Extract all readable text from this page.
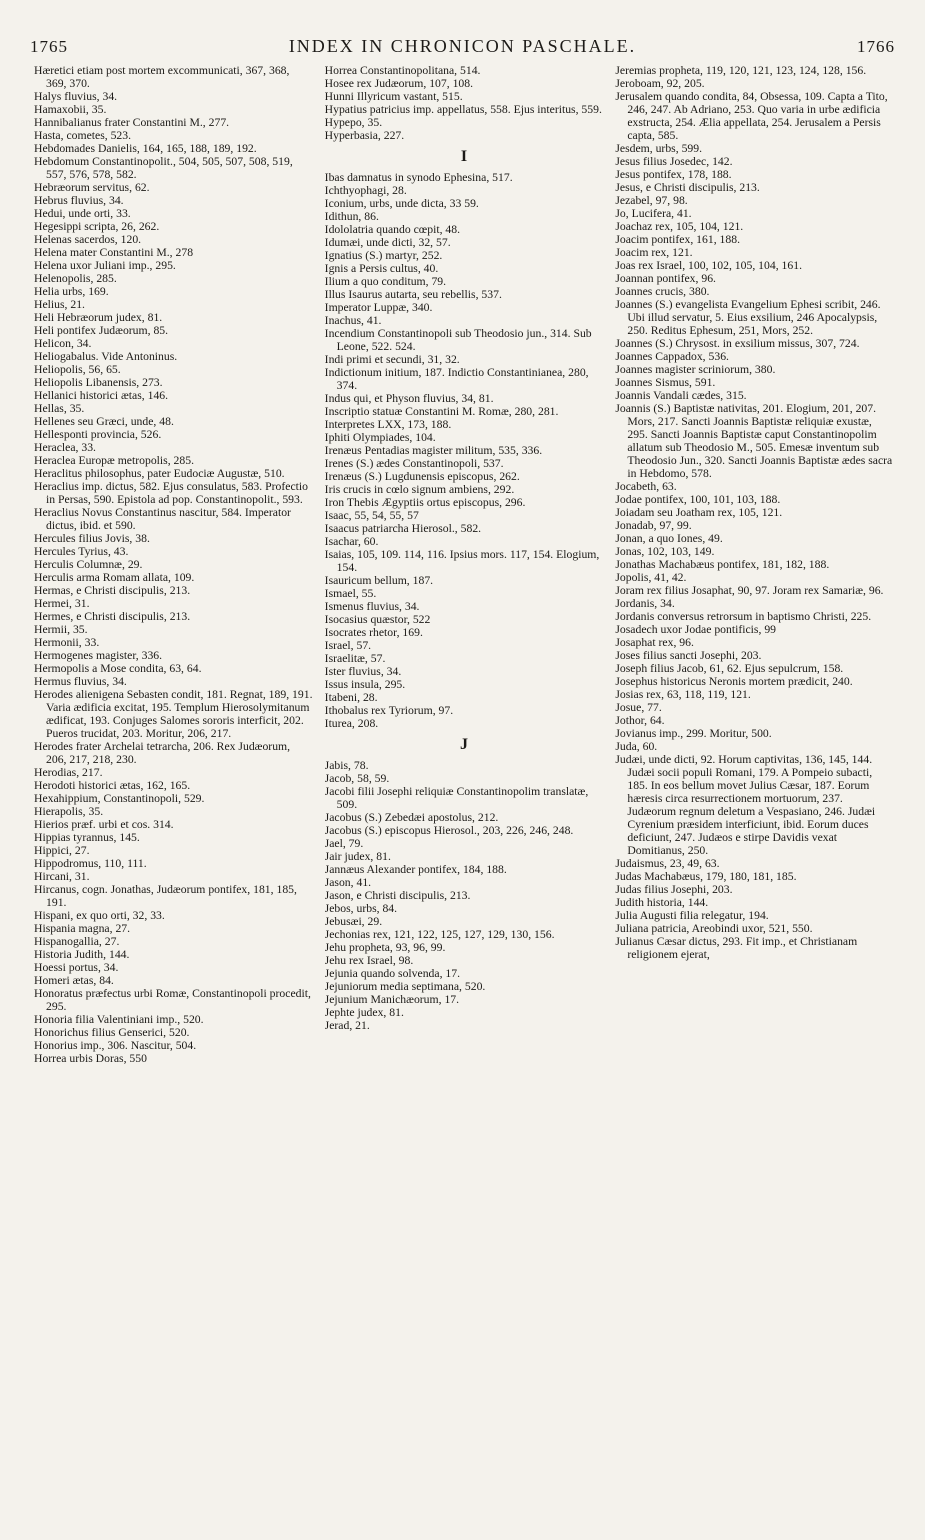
1765	INDEX IN CHRONICON PASCHALE.	1766

Hæretici etiam post mortem excommunicati, 367, 368, 369, 370.

Halys fluvius, 34.

Hamaxobii, 35.

Hannibalianus frater Constantini M., 277.

Hasta, cometes, 523.

Hebdomades Danielis, 164, 165, 188, 189, 192.

Hebdomum Constantinopolit., 504, 505, 507, 508, 519, 557, 576, 578, 582.

Hebræorum servitus, 62.

Hebrus fluvius, 34.

Hedui, unde orti, 33.

Hegesippi scripta, 26, 262.

Helenas sacerdos, 120.

Helena mater Constantini M., 278

Helena uxor Juliani imp., 295.

Helenopolis, 285.

Helia urbs, 169.

Helius, 21.

Heli Hebræorum judex, 81.

Heli pontifex Judæorum, 85.

Helicon, 34.

Heliogabalus. Vide Antoninus.

Heliopolis, 56, 65.

Heliopolis Libanensis, 273.

Hellanici historici ætas, 146.

Hellas, 35.

Hellenes seu Græci, unde, 48.

Hellesponti provincia, 526.

Heraclea, 33.

Heraclea Europæ metropolis, 285.

Heraclitus philosophus, pater Eudociæ Augustæ, 510.

Heraclius imp. dictus, 582. Ejus consulatus, 583. Profectio in Persas, 590. Epistola ad pop. Constantinopolit., 593.

Heraclius Novus Constantinus nascitur, 584. Imperator dictus, ibid. et 590.

Hercules filius Jovis, 38.

Hercules Tyrius, 43.

Herculis Columnæ, 29.

Herculis arma Romam allata, 109.

Hermas, e Christi discipulis, 213.

Hermei, 31.

Hermes, e Christi discipulis, 213.

Hermii, 35.

Hermonii, 33.

Hermogenes magister, 336.

Hermopolis a Mose condita, 63, 64.

Hermus fluvius, 34.

Herodes alienigena Sebasten condit, 181. Regnat, 189, 191. Varia ædificia excitat, 195. Templum Hierosolymitanum ædificat, 193. Conjuges Salomes sororis interficit, 202. Pueros trucidat, 203. Moritur, 206, 217.

Herodes frater Archelai tetrarcha, 206. Rex Judæorum, 206, 217, 218, 230.

Herodias, 217.

Herodoti historici ætas, 162, 165.

Hexahippium, Constantinopoli, 529.

Hierapolis, 35.

Hierios præf. urbi et cos. 314.

Hippias tyrannus, 145.

Hippici, 27.

Hippodromus, 110, 111.

Hircani, 31.

Hircanus, cogn. Jonathas, Judæorum pontifex, 181, 185, 191.

Hispani, ex quo orti, 32, 33.

Hispania magna, 27.

Hispanogallia, 27.

Historia Judith, 144.

Hoessi portus, 34.

Homeri ætas, 84.

Honoratus præfectus urbi Romæ, Constantinopoli procedit, 295.

Honoria filia Valentiniani imp., 520.

Honorichus filius Genserici, 520.

Honorius imp., 306. Nascitur, 504.

Horrea urbis Doras, 550

Horrea Constantinopolitana, 514.

Hosee rex Judæorum, 107, 108.

Hunni Illyricum vastant, 515.

Hypatius patricius imp. appellatus, 558. Ejus interitus, 559.

Hypepo, 35.

Hyperbasia, 227.

I

Ibas damnatus in synodo Ephesina, 517.

Ichthyophagi, 28.

Iconium, urbs, unde dicta, 33 59.

Idithun, 86.

Idololatria quando cœpit, 48.

Idumæi, unde dicti, 32, 57.

Ignatius (S.) martyr, 252.

Ignis a Persis cultus, 40.

Ilium a quo conditum, 79.

Illus Isaurus autarta, seu rebellis, 537.

Imperator Luppæ, 340.

Inachus, 41.

Incendium Constantinopoli sub Theodosio jun., 314. Sub Leone, 522. 524.

Indi primi et secundi, 31, 32.

Indictionum initium, 187. Indictio Constantinianea, 280, 374.

Indus qui, et Physon fluvius, 34, 81.

Inscriptio statuæ Constantini M. Romæ, 280, 281.

Interpretes LXX, 173, 188.

Iphiti Olympiades, 104.

Irenæus Pentadias magister militum, 535, 336.

Irenes (S.) ædes Constantinopoli, 537.

Irenæus (S.) Lugdunensis episcopus, 262.

Iris crucis in cœlo signum ambiens, 292.

Iron Thebis Ægyptiis ortus episcopus, 296.

Isaac, 55, 54, 55, 57

Isaacus patriarcha Hierosol., 582.

Isachar, 60.

Isaias, 105, 109. 114, 116. Ipsius mors. 117, 154. Elogium, 154.

Isauricum bellum, 187.

Ismael, 55.

Ismenus fluvius, 34.

Isocasius quæstor, 522

Isocrates rhetor, 169.

Israel, 57.

Israelitæ, 57.

Ister fluvius, 34.

Issus insula, 295.

Itabeni, 28.

Ithobalus rex Tyriorum, 97.

Iturea, 208.

J

Jabis, 78.

Jacob, 58, 59.

Jacobi filii Josephi reliquiæ Constantinopolim translatæ, 509.

Jacobus (S.) Zebedæi apostolus, 212.

Jacobus (S.) episcopus Hierosol., 203, 226, 246, 248.

Jael, 79.

Jair judex, 81.

Jannæus Alexander pontifex, 184, 188.

Jason, 41.

Jason, e Christi discipulis, 213.

Jebos, urbs, 84.

Jebusæi, 29.

Jechonias rex, 121, 122, 125, 127, 129, 130, 156.

Jehu propheta, 93, 96, 99.

Jehu rex Israel, 98.

Jejunia quando solvenda, 17.

Jejuniorum media septimana, 520.

Jejunium Manichæorum, 17.

Jephte judex, 81.

Jerad, 21.

Jeremias propheta, 119, 120, 121, 123, 124, 128, 156.

Jeroboam, 92, 205.

Jerusalem quando condita, 84, Obsessa, 109. Capta a Tito, 246, 247. Ab Adriano, 253. Quo varia in urbe ædificia exstructa, 254. Ælia appellata, 254. Jerusalem a Persis capta, 585.

Jesdem, urbs, 599.

Jesus filius Josedec, 142.

Jesus pontifex, 178, 188.

Jesus, e Christi discipulis, 213.

Jezabel, 97, 98.

Jo, Lucifera, 41.

Joachaz rex, 105, 104, 121.

Joacim pontifex, 161, 188.

Joacim rex, 121.

Joas rex Israel, 100, 102, 105, 104, 161.

Joannan pontifex, 96.

Joannes crucis, 380.

Joannes (S.) evangelista Evangelium Ephesi scribit, 246. Ubi illud servatur, 5. Eius exsilium, 246 Apocalypsis, 250. Reditus Ephesum, 251, Mors, 252.

Joannes (S.) Chrysost. in exsilium missus, 307, 724.

Joannes Cappadox, 536.

Joannes magister scriniorum, 380.

Joannes Sismus, 591.

Joannis Vandali cædes, 315.

Joannis (S.) Baptistæ nativitas, 201. Elogium, 201, 207. Mors, 217. Sancti Joannis Baptistæ reliquiæ exustæ, 295. Sancti Joannis Baptistæ caput Constantinopolim allatum sub Theodosio M., 505. Emesæ inventum sub Theodosio Jun., 320. Sancti Joannis Baptistæ ædes sacra in Hebdomo, 578.

Jocabeth, 63.

Jodae pontifex, 100, 101, 103, 188.

Joiadam seu Joatham rex, 105, 121.

Jonadab, 97, 99.

Jonan, a quo Iones, 49.

Jonas, 102, 103, 149.

Jonathas Machabæus pontifex, 181, 182, 188.

Jopolis, 41, 42.

Joram rex filius Josaphat, 90, 97. Joram rex Samariæ, 96.

Jordanis, 34.

Jordanis conversus retrorsum in baptismo Christi, 225.

Josadech uxor Jodae pontificis, 99

Josaphat rex, 96.

Joses filius sancti Josephi, 203.

Joseph filius Jacob, 61, 62. Ejus sepulcrum, 158.

Josephus historicus Neronis mortem prædicit, 240.

Josias rex, 63, 118, 119, 121.

Josue, 77.

Jothor, 64.

Jovianus imp., 299. Moritur, 500.

Juda, 60.

Judæi, unde dicti, 92. Horum captivitas, 136, 145, 144. Judæi socii populi Romani, 179. A Pompeio subacti, 185. In eos bellum movet Julius Cæsar, 187. Eorum hæresis circa resurrectionem mortuorum, 237. Judæorum regnum deletum a Vespasiano, 246. Judæi Cyrenium præsidem interficiunt, ibid. Eorum duces deficiunt, 247. Judæos e stirpe Davidis vexat Domitianus, 250.

Judaismus, 23, 49, 63.

Judas Machabæus, 179, 180, 181, 185.

Judas filius Josephi, 203.

Judith historia, 144.

Julia Augusti filia relegatur, 194.

Juliana patricia, Areobindi uxor, 521, 550.

Julianus Cæsar dictus, 293. Fit imp., et Christianam religionem ejerat,
